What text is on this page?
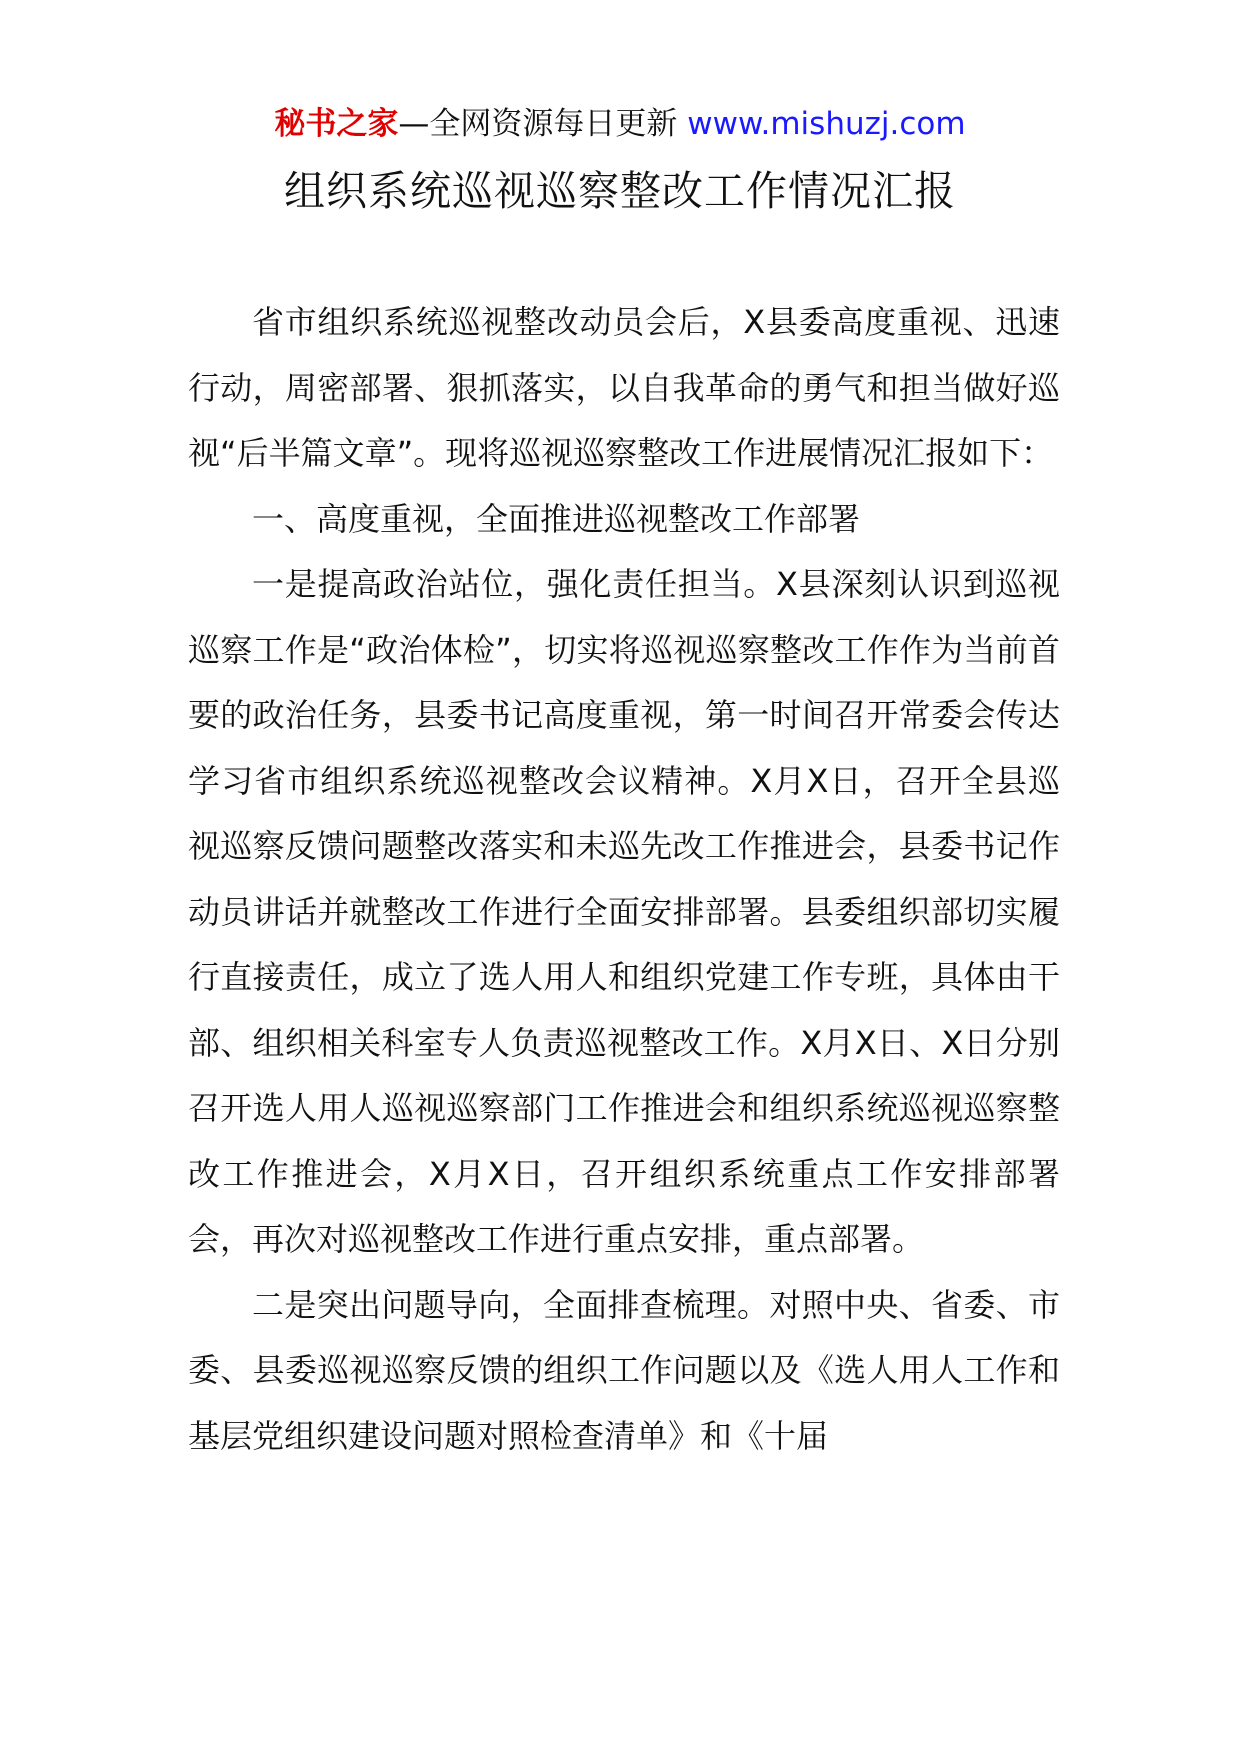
秘书之家—全网资源每日更新 www.mishuzj.com
组织系统巡视巡察整改工作情况汇报

省市组织系统巡视整改动员会后，X县委高度重视、迅速行动，周密部署、狠抓落实，以自我革命的勇气和担当做好巡视“后半篇文章”。现将巡视巡察整改工作进展情况汇报如下：

一、高度重视，全面推进巡视整改工作部署

一是提高政治站位，强化责任担当。X县深刻认识到巡视巡察工作是“政治体检”，切实将巡视巡察整改工作作为当前首要的政治任务，县委书记高度重视，第一时间召开常委会传达学习省市组织系统巡视整改会议精神。X月X日，召开全县巡视巡察反馈问题整改落实和未巡先改工作推进会，县委书记作动员讲话并就整改工作进行全面安排部署。县委组织部切实履行直接责任，成立了选人用人和组织党建工作专班，具体由干部、组织相关科室专人负责巡视整改工作。X月X日、X日分别召开选人用人巡视巡察部门工作推进会和组织系统巡视巡察整改工作推进会，X月X日，召开组织系统重点工作安排部署会，再次对巡视整改工作进行重点安排，重点部署。

二是突出问题导向，全面排查梳理。对照中央、省委、市委、县委巡视巡察反馈的组织工作问题以及《选人用人工作和基层党组织建设问题对照检查清单》和《十届
